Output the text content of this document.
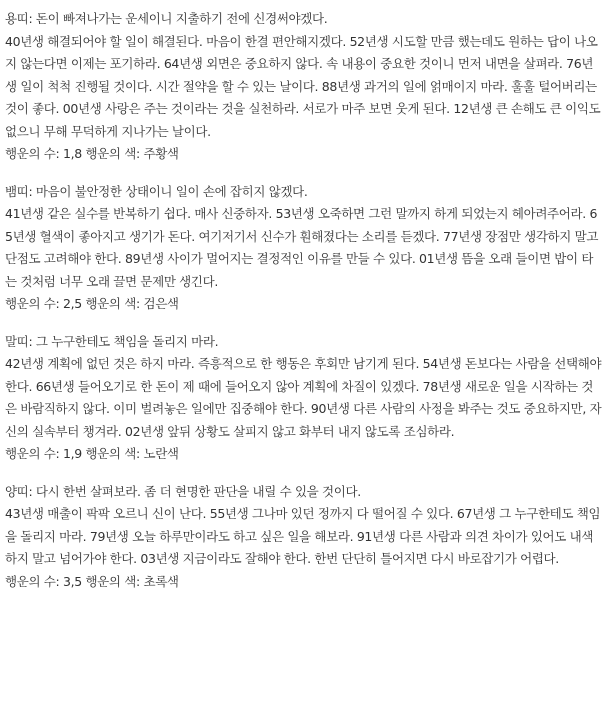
용띠: 돈이 빠져나가는 운세이니 지출하기 전에 신경써야겠다.

40년생 해결되어야 할 일이 해결된다. 마음이 한결 편안해지겠다. 52년생 시도할 만큼 했는데도 원하는 답이 나오지 않는다면 이제는 포기하라. 64년생 외면은 중요하지 않다. 속 내용이 중요한 것이니 먼저 내면을 살펴라. 76년생 일이 척척 진행될 것이다. 시간 절약을 할 수 있는 날이다. 88년생 과거의 일에 얽매이지 마라. 훌훌 털어버리는 것이 좋다. 00년생 사랑은 주는 것이라는 것을 실천하라. 서로가 마주 보면 웃게 된다. 12년생 큰 손해도 큰 이익도 없으니 무해 무덕하게 지나가는 날이다.

행운의 수: 1,8 행운의 색: 주황색

뱀띠: 마음이 불안정한 상태이니 일이 손에 잡히지 않겠다.

41년생 같은 실수를 반복하기 쉽다. 매사 신중하자. 53년생 오죽하면 그런 말까지 하게 되었는지 헤아려주어라. 65년생 혈색이 좋아지고 생기가 돈다. 여기저기서 신수가 훤해졌다는 소리를 듣겠다. 77년생 장점만 생각하지 말고 단점도 고려해야 한다. 89년생 사이가 멀어지는 결정적인 이유를 만들 수 있다. 01년생 뜸을 오래 들이면 밥이 타는 것처럼 너무 오래 끌면 문제만 생긴다.

행운의 수: 2,5 행운의 색: 검은색

말띠: 그 누구한테도 책임을 돌리지 마라.

42년생 계획에 없던 것은 하지 마라. 즉흥적으로 한 행동은 후회만 남기게 된다. 54년생 돈보다는 사람을 선택해야 한다. 66년생 들어오기로 한 돈이 제 때에 들어오지 않아 계획에 차질이 있겠다. 78년생 새로운 일을 시작하는 것은 바람직하지 않다. 이미 벌려놓은 일에만 집중해야 한다. 90년생 다른 사람의 사정을 봐주는 것도 중요하지만, 자신의 실속부터 챙겨라. 02년생 앞뒤 상황도 살피지 않고 화부터 내지 않도록 조심하라.

행운의 수: 1,9 행운의 색: 노란색

양띠: 다시 한번 살펴보라. 좀 더 현명한 판단을 내릴 수 있을 것이다.

43년생 매출이 팍팍 오르니 신이 난다. 55년생 그나마 있던 정까지 다 떨어질 수 있다. 67년생 그 누구한테도 책임을 돌리지 마라. 79년생 오늘 하루만이라도 하고 싶은 일을 해보라. 91년생 다른 사람과 의견 차이가 있어도 내색하지 말고 넘어가야 한다. 03년생 지금이라도 잘해야 한다. 한번 단단히 틀어지면 다시 바로잡기가 어렵다.

행운의 수: 3,5 행운의 색: 초록색
